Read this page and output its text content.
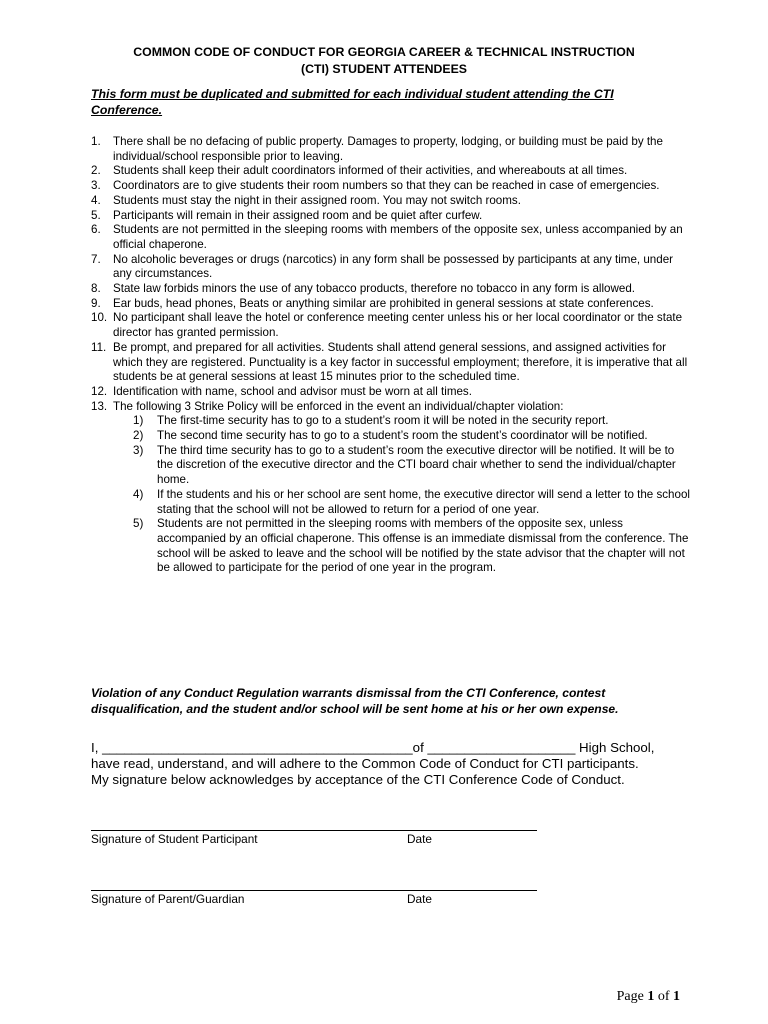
COMMON CODE OF CONDUCT FOR GEORGIA CAREER & TECHNICAL INSTRUCTION
(CTI) STUDENT ATTENDEES
This form must be duplicated and submitted for each individual student attending the CTI Conference.
1. There shall be no defacing of public property. Damages to property, lodging, or building must be paid by the individual/school responsible prior to leaving.
2. Students shall keep their adult coordinators informed of their activities, and whereabouts at all times.
3. Coordinators are to give students their room numbers so that they can be reached in case of emergencies.
4. Students must stay the night in their assigned room. You may not switch rooms.
5. Participants will remain in their assigned room and be quiet after curfew.
6. Students are not permitted in the sleeping rooms with members of the opposite sex, unless accompanied by an official chaperone.
7. No alcoholic beverages or drugs (narcotics) in any form shall be possessed by participants at any time, under any circumstances.
8. State law forbids minors the use of any tobacco products, therefore no tobacco in any form is allowed.
9. Ear buds, head phones, Beats or anything similar are prohibited in general sessions at state conferences.
10. No participant shall leave the hotel or conference meeting center unless his or her local coordinator or the state director has granted permission.
11. Be prompt, and prepared for all activities. Students shall attend general sessions, and assigned activities for which they are registered. Punctuality is a key factor in successful employment; therefore, it is imperative that all students be at general sessions at least 15 minutes prior to the scheduled time.
12. Identification with name, school and advisor must be worn at all times.
13. The following 3 Strike Policy will be enforced in the event an individual/chapter violation:
1) The first-time security has to go to a student’s room it will be noted in the security report.
2) The second time security has to go to a student’s room the student’s coordinator will be notified.
3) The third time security has to go to a student’s room the executive director will be notified. It will be to the discretion of the executive director and the CTI board chair whether to send the individual/chapter home.
4) If the students and his or her school are sent home, the executive director will send a letter to the school stating that the school will not be allowed to return for a period of one year.
5) Students are not permitted in the sleeping rooms with members of the opposite sex, unless accompanied by an official chaperone. This offense is an immediate dismissal from the conference. The school will be asked to leave and the school will be notified by the state advisor that the chapter will not be allowed to participate for the period of one year in the program.
Violation of any Conduct Regulation warrants dismissal from the CTI Conference, contest disqualification, and the student and/or school will be sent home at his or her own expense.
I, __________________________________________of ____________________ High School,
have read, understand, and will adhere to the Common Code of Conduct for CTI participants.
My signature below acknowledges by acceptance of the CTI Conference Code of Conduct.
Signature of Student Participant	Date
Signature of Parent/Guardian	Date
Page 1 of 1
